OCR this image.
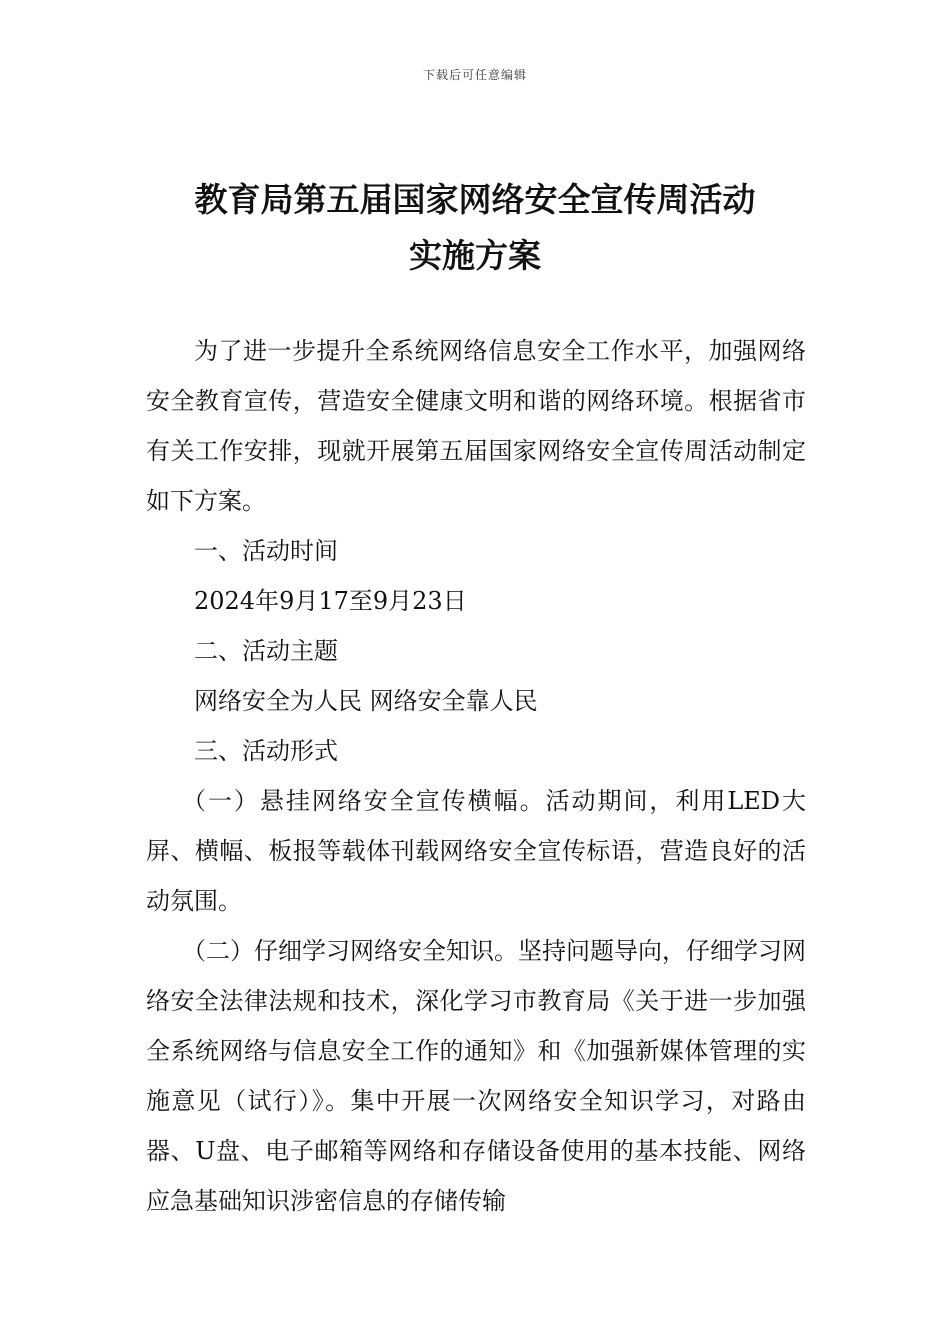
下载后可任意编辑
教育局第五届国家网络安全宣传周活动
实施方案

为了进一步提升全系统网络信息安全工作水平，加强网络安全教育宣传，营造安全健康文明和谐的网络环境。根据省市有关工作安排，现就开展第五届国家网络安全宣传周活动制定如下方案。

一、活动时间

2024年9月17至9月23日

二、活动主题

网络安全为人民 网络安全靠人民

三、活动形式

（一）悬挂网络安全宣传横幅。活动期间，利用LED大屏、横幅、板报等载体刊载网络安全宣传标语，营造良好的活动氛围。

（二）仔细学习网络安全知识。坚持问题导向，仔细学习网络安全法律法规和技术，深化学习市教育局《关于进一步加强全系统网络与信息安全工作的通知》和《加强新媒体管理的实施意见（试行）》。集中开展一次网络安全知识学习，对路由器、U盘、电子邮箱等网络和存储设备使用的基本技能、网络应急基础知识涉密信息的存储传输
